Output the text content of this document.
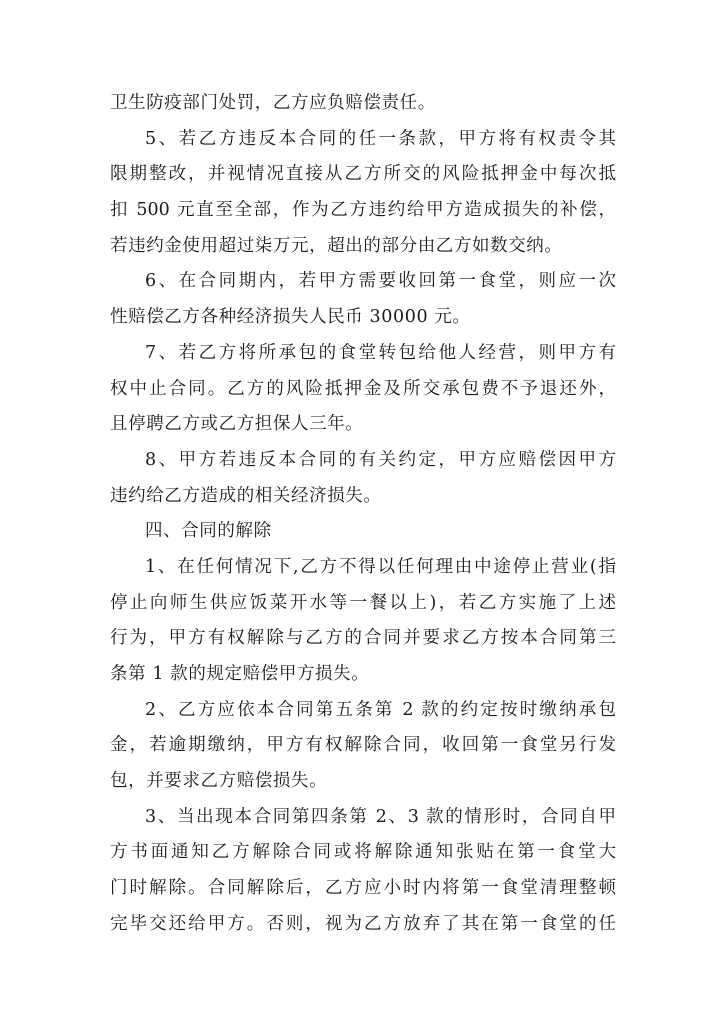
卫生防疫部门处罚，乙方应负赔偿责任。
5、若乙方违反本合同的任一条款，甲方将有权责令其
限期整改，并视情况直接从乙方所交的风险抵押金中每次抵
扣 500 元直至全部，作为乙方违约给甲方造成损失的补偿，
若违约金使用超过柒万元，超出的部分由乙方如数交纳。
6、在合同期内，若甲方需要收回第一食堂，则应一次
性赔偿乙方各种经济损失人民币 30000 元。
7、若乙方将所承包的食堂转包给他人经营，则甲方有
权中止合同。乙方的风险抵押金及所交承包费不予退还外，
且停聘乙方或乙方担保人三年。
8、甲方若违反本合同的有关约定，甲方应赔偿因甲方
违约给乙方造成的相关经济损失。
四、合同的解除
1、在任何情况下,乙方不得以任何理由中途停止营业(指
停止向师生供应饭菜开水等一餐以上)，若乙方实施了上述
行为，甲方有权解除与乙方的合同并要求乙方按本合同第三
条第 1 款的规定赔偿甲方损失。
2、乙方应依本合同第五条第 2 款的约定按时缴纳承包
金，若逾期缴纳，甲方有权解除合同，收回第一食堂另行发
包，并要求乙方赔偿损失。
3、当出现本合同第四条第 2、3 款的情形时，合同自甲
方书面通知乙方解除合同或将解除通知张贴在第一食堂大
门时解除。合同解除后，乙方应小时内将第一食堂清理整顿
完毕交还给甲方。否则，视为乙方放弃了其在第一食堂的任
